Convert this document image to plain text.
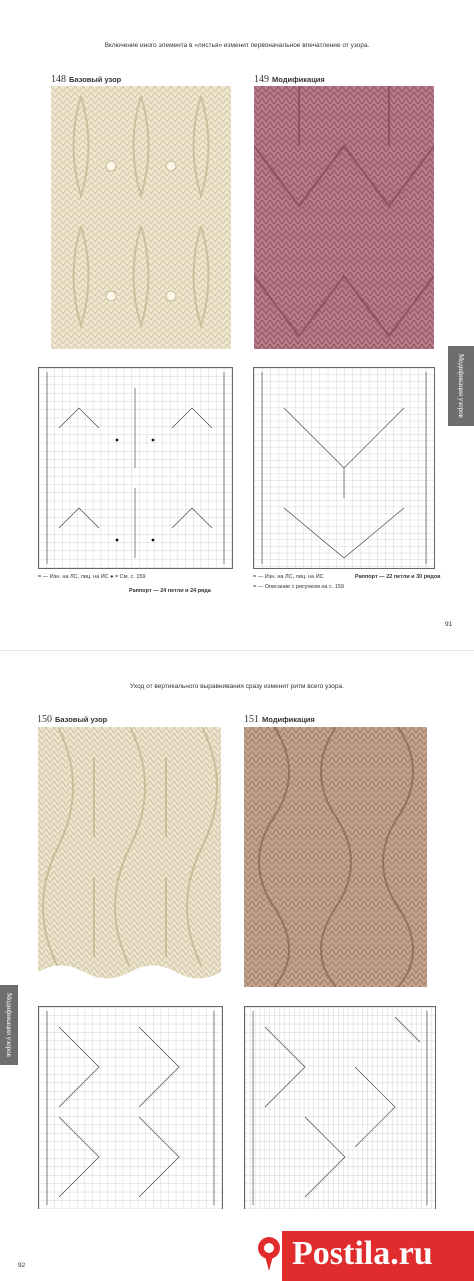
Включение иного элемента в «листья» изменит первоначальное впечатление от узора.
148 Базовый узор	149 Модификация
= — Изн. на ЛС, лиц. на ИС ● = См. с. 159
Раппорт — 24 петли и 24 ряда
= — Изн. на ЛС, лиц. на ИС	Раппорт — 22 петли и 30 рядов
= — Описание с рисунком на с. 159
Модификация узоров
91
Уход от вертикального выравнивания сразу изменит ритм всего узора.
150 Базовый узор	151 Модификация
Модификация узоров
Postila.ru
92
